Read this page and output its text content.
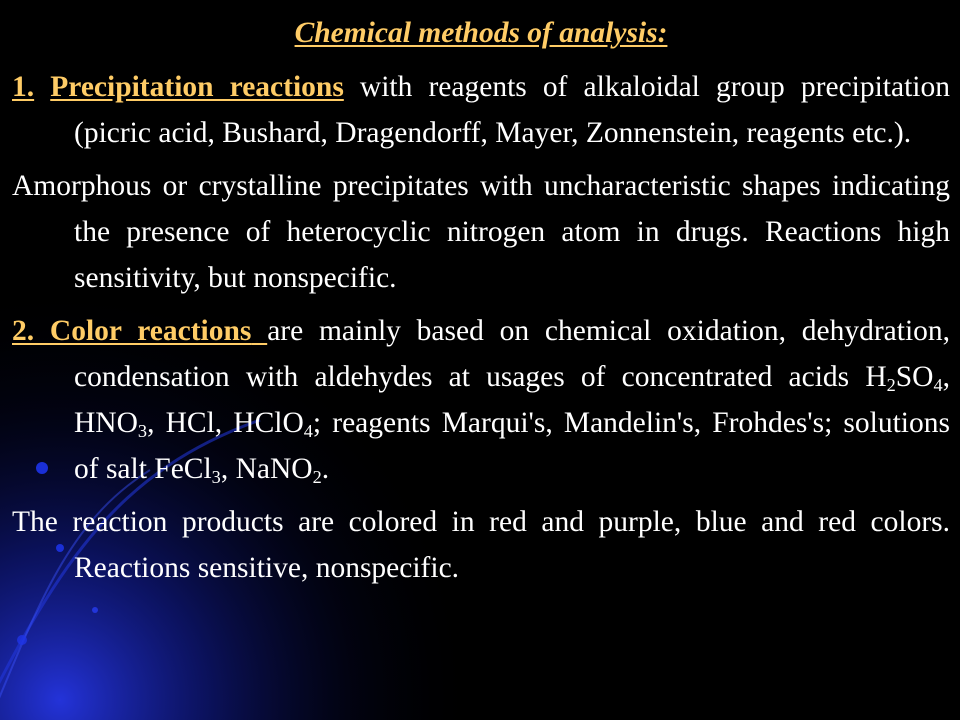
Chemical methods of analysis:
1. Precipitation reactions with reagents of alkaloidal group precipitation (picric acid, Bushard, Dragendorff, Mayer, Zonnenstein, reagents etc.).
Amorphous or crystalline precipitates with uncharacteristic shapes indicating the presence of heterocyclic nitrogen atom in drugs. Reactions high sensitivity, but nonspecific.
2. Color reactions are mainly based on chemical oxidation, dehydration, condensation with aldehydes at usages of concentrated acids $H_2SO_4$, $HNO_3$, HCl, HClO$_4$; reagents Marqui's, Mandelin's, Frohdes's; solutions of salt FeCl$_3$, NaNO$_2$.
The reaction products are colored in red and purple, blue and red colors. Reactions sensitive, nonspecific.
